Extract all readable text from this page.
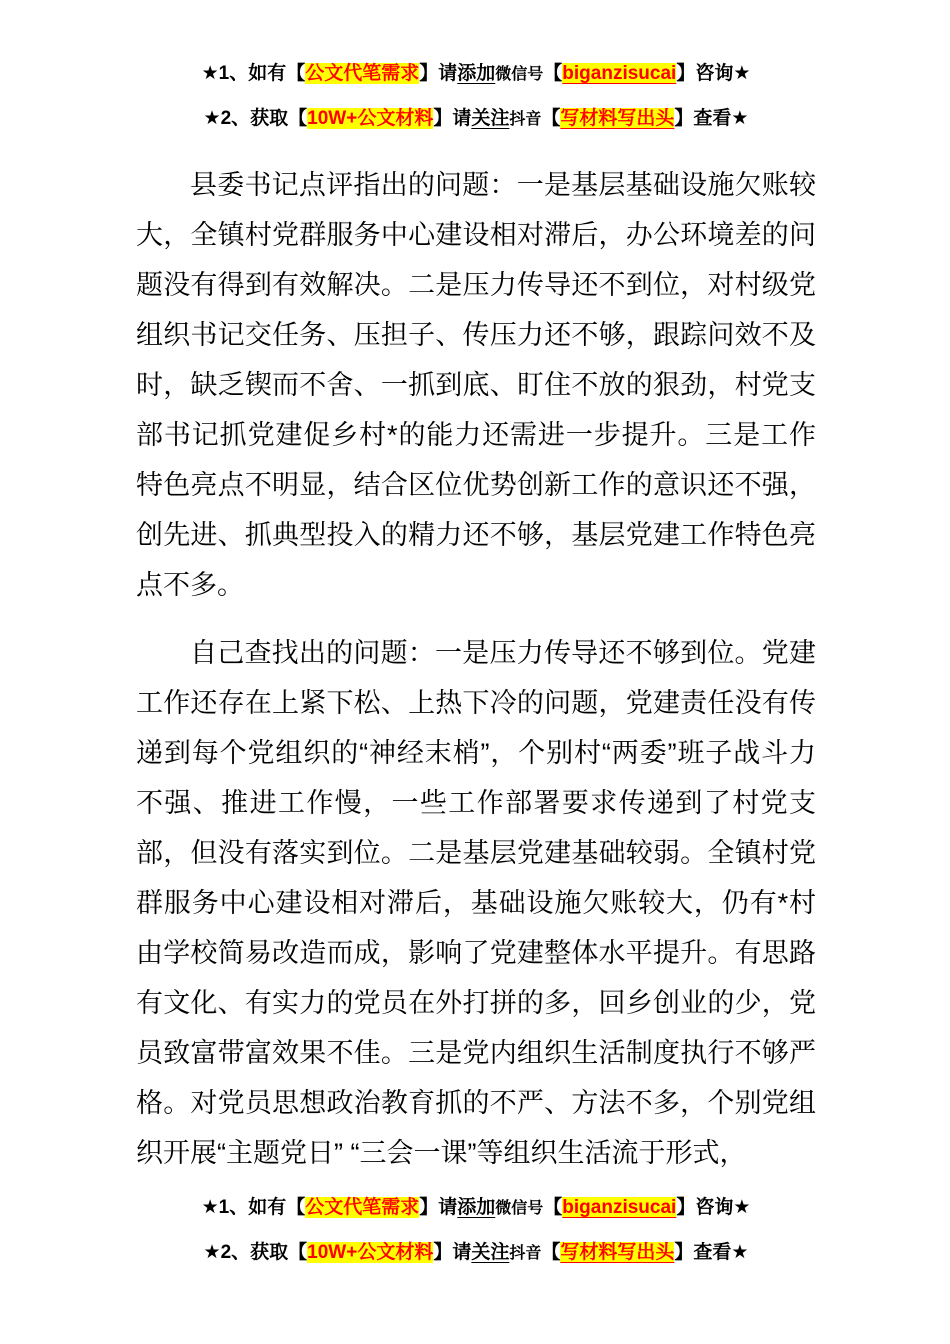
★1、如有【公文代笔需求】请添加微信号【biganzisucai】咨询★
★2、获取【10W+公文材料】请关注抖音【写材料写出头】查看★

县委书记点评指出的问题：一是基层基础设施欠账较大，全镇村党群服务中心建设相对滞后，办公环境差的问题没有得到有效解决。二是压力传导还不到位，对村级党组织书记交任务、压担子、传压力还不够，跟踪问效不及时，缺乏锲而不舍、一抓到底、盯住不放的狠劲，村党支部书记抓党建促乡村*的能力还需进一步提升。三是工作特色亮点不明显，结合区位优势创新工作的意识还不强，创先进、抓典型投入的精力还不够，基层党建工作特色亮点不多。

自己查找出的问题：一是压力传导还不够到位。党建工作还存在上紧下松、上热下冷的问题，党建责任没有传递到每个党组织的“神经末梢”，个别村“两委”班子战斗力不强、推进工作慢，一些工作部署要求传递到了村党支部，但没有落实到位。二是基层党建基础较弱。全镇村党群服务中心建设相对滞后，基础设施欠账较大，仍有*村由学校简易改造而成，影响了党建整体水平提升。有思路有文化、有实力的党员在外打拼的多，回乡创业的少，党员致富带富效果不佳。三是党内组织生活制度执行不够严格。对党员思想政治教育抓的不严、方法不多，个别党组织开展“主题党日” “三会一课”等组织生活流于形式，

★1、如有【公文代笔需求】请添加微信号【biganzisucai】咨询★
★2、获取【10W+公文材料】请关注抖音【写材料写出头】查看★
